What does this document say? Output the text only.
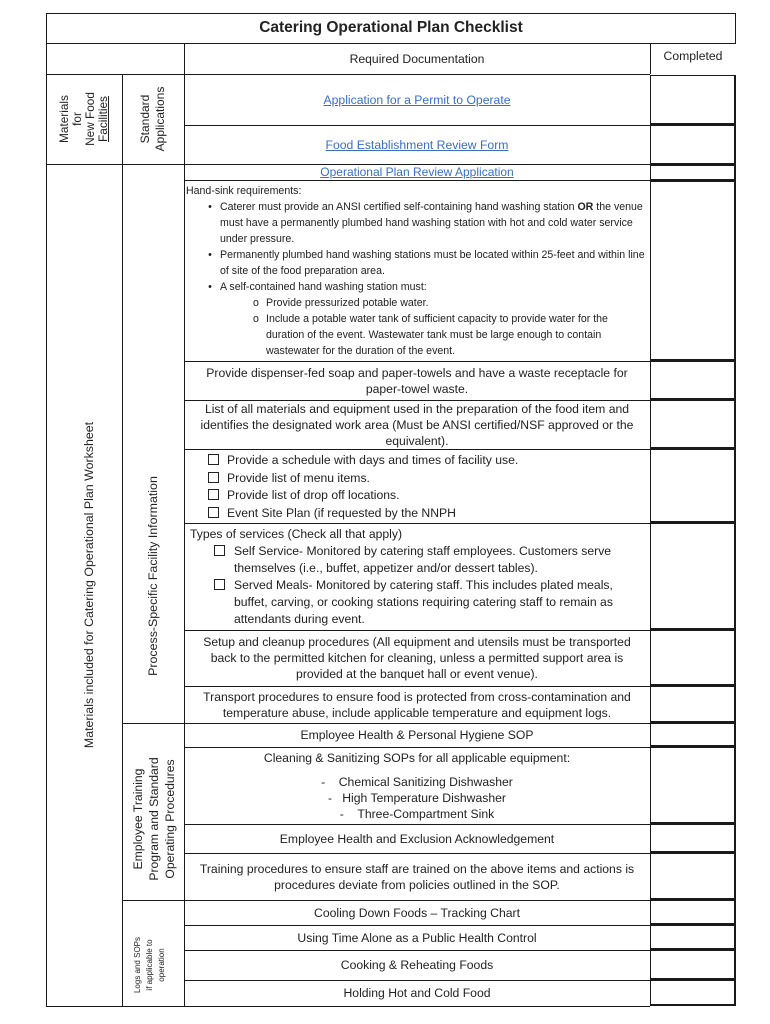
Catering Operational Plan Checklist
Required Documentation	Completed
Materials for New Food Facilities Standard Applications
Materials included for Catering Operational Plan Worksheet	Process-Specific Facility Information
Employee Training Program and Standard Operating Procedures
Logs and SOPs if applicable to operation
Application for a Permit to Operate
Food Establishment Review Form
Operational Plan Review Application
Hand-sink requirements:
• Caterer must provide an ANSI certified self-containing hand washing station OR the venue must have a permanently plumbed hand washing station with hot and cold water service under pressure.
• Permanently plumbed hand washing stations must be located within 25-feet and within line of site of the food preparation area.
• A self-contained hand washing station must:
o Provide pressurized potable water.
o Include a potable water tank of sufficient capacity to provide water for the duration of the event. Wastewater tank must be large enough to contain wastewater for the duration of the event.
Provide dispenser-fed soap and paper-towels and have a waste receptacle for paper-towel waste.
List of all materials and equipment used in the preparation of the food item and identifies the designated work area (Must be ANSI certified/NSF approved or the equivalent).
Provide a schedule with days and times of facility use.
Provide list of menu items.
Provide list of drop off locations.
Event Site Plan (if requested by the NNPH
Types of services (Check all that apply)
Self Service- Monitored by catering staff employees. Customers serve themselves (i.e., buffet, appetizer and/or dessert tables).
Served Meals- Monitored by catering staff. This includes plated meals, buffet, carving, or cooking stations requiring catering staff to remain as attendants during event.
Setup and cleanup procedures (All equipment and utensils must be transported back to the permitted kitchen for cleaning, unless a permitted support area is provided at the banquet hall or event venue).
Transport procedures to ensure food is protected from cross-contamination and temperature abuse, include applicable temperature and equipment logs.
Employee Health & Personal Hygiene SOP
Cleaning & Sanitizing SOPs for all applicable equipment:
-    Chemical Sanitizing Dishwasher
-   High Temperature Dishwasher
-    Three-Compartment Sink
Employee Health and Exclusion Acknowledgement
Training procedures to ensure staff are trained on the above items and actions is procedures deviate from policies outlined in the SOP.
Cooling Down Foods – Tracking Chart
Using Time Alone as a Public Health Control
Cooking & Reheating Foods
Holding Hot and Cold Food
